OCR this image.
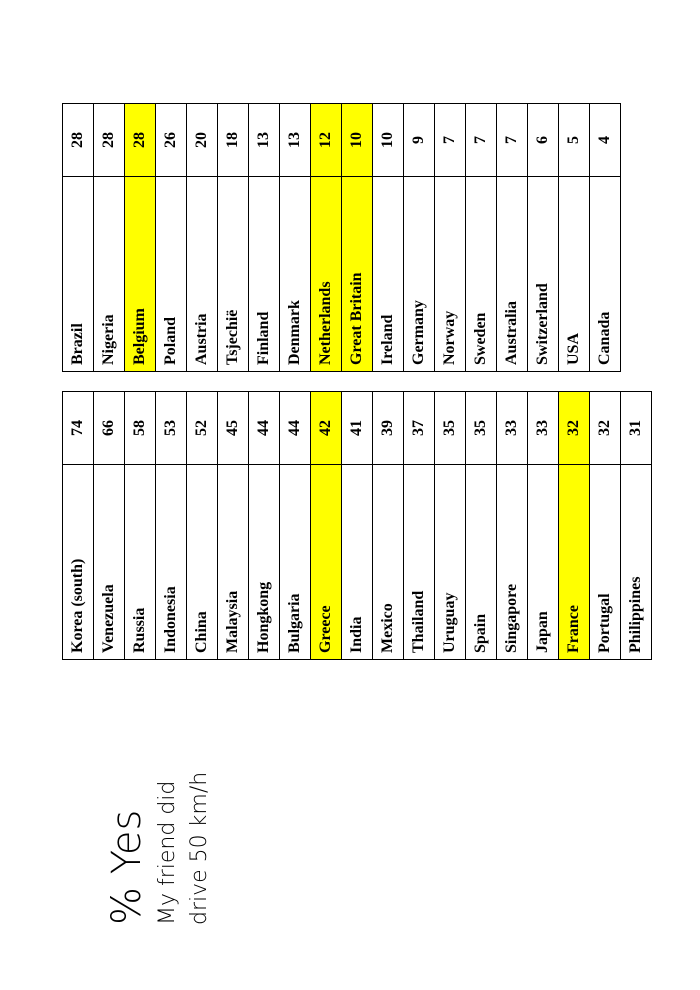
% Yes My friend did drive 50 km/h
Korea (south)	74
Venezuela	66
Russia	58
Indonesia	53
China	52
Malaysia	45
Hongkong	44
Bulgaria	44
Greece	42
India	41
Mexico	39
Thailand	37
Uruguay	35
Spain	35
Singapore	33
Japan	33
France	32
Portugal	32
Philippines	31
Brazil	28
Nigeria	28
Belgium	28
Poland	26
Austria	20
Tsjechië	18
Finland	13
Denmark	13
Netherlands	12
Great Britain	10
Ireland	10
Germany	9
Norway	7
Sweden	7
Australia	7
Switzerland	6
USA	5
Canada	4
